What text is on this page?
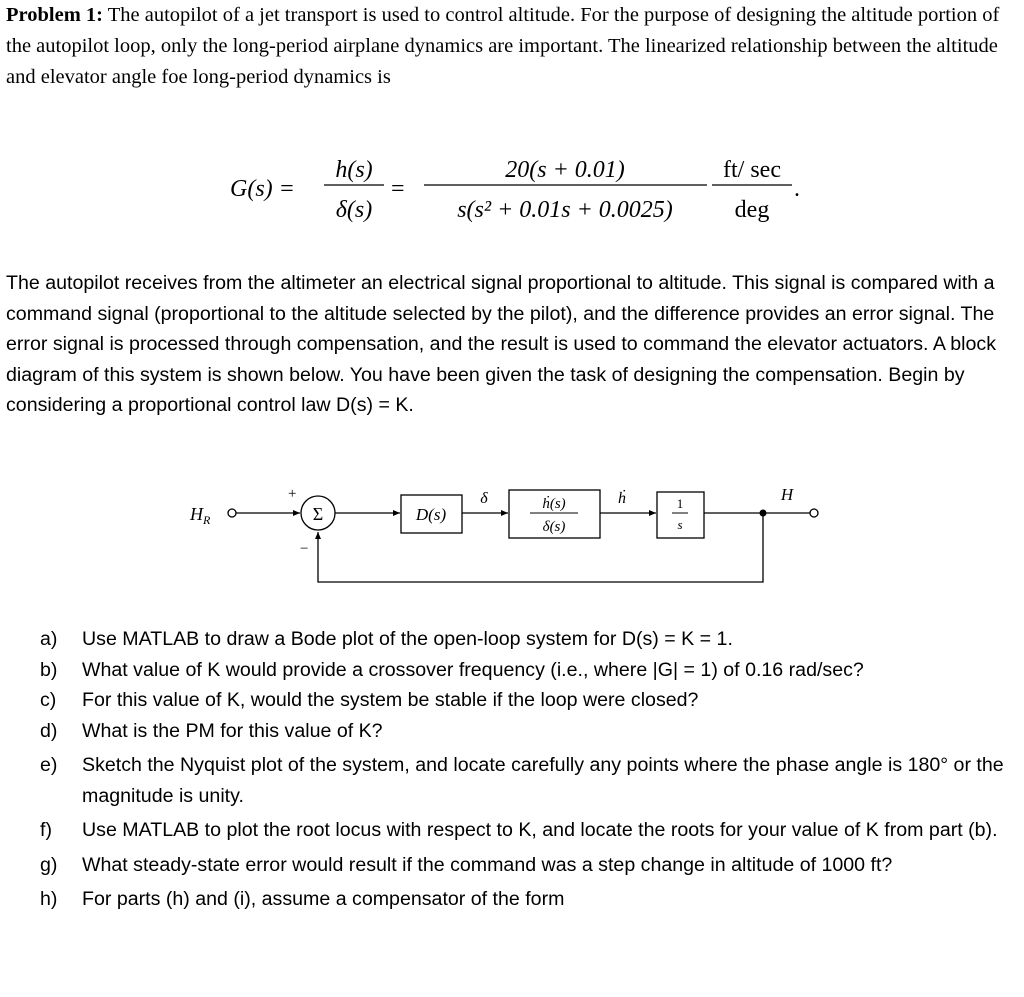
Problem 1: The autopilot of a jet transport is used to control altitude. For the purpose of designing the altitude portion of the autopilot loop, only the long-period airplane dynamics are important. The linearized relationship between the altitude and elevator angle foe long-period dynamics is
G(s) =
h(s)
δ(s)
=
20(s + 0.01)
s(s² + 0.01s + 0.0025)
ft/ sec
deg
.
The autopilot receives from the altimeter an electrical signal proportional to altitude. This signal is compared with a command signal (proportional to the altitude selected by the pilot), and the difference provides an error signal. The error signal is processed through compensation, and the result is used to command the elevator actuators. A block diagram of this system is shown below. You have been given the task of designing the compensation. Begin by considering a proportional control law D(s) = K.
$H_R$
+
−
Σ	D(s)
δ	ḣ(s)
δ(s)
ḣ	1
s
H
a)	Use MATLAB to draw a Bode plot of the open-loop system for D(s) = K = 1.
b)	What value of K would provide a crossover frequency (i.e., where |G| = 1) of 0.16 rad/sec?
c)	For this value of K, would the system be stable if the loop were closed?
d)	What is the PM for this value of K?
e)	Sketch the Nyquist plot of the system, and locate carefully any points where the phase angle is 180° or the magnitude is unity.
f)	Use MATLAB to plot the root locus with respect to K, and locate the roots for your value of K from part (b).
g)	What steady-state error would result if the command was a step change in altitude of 1000 ft?
h)	For parts (h) and (i), assume a compensator of the form
